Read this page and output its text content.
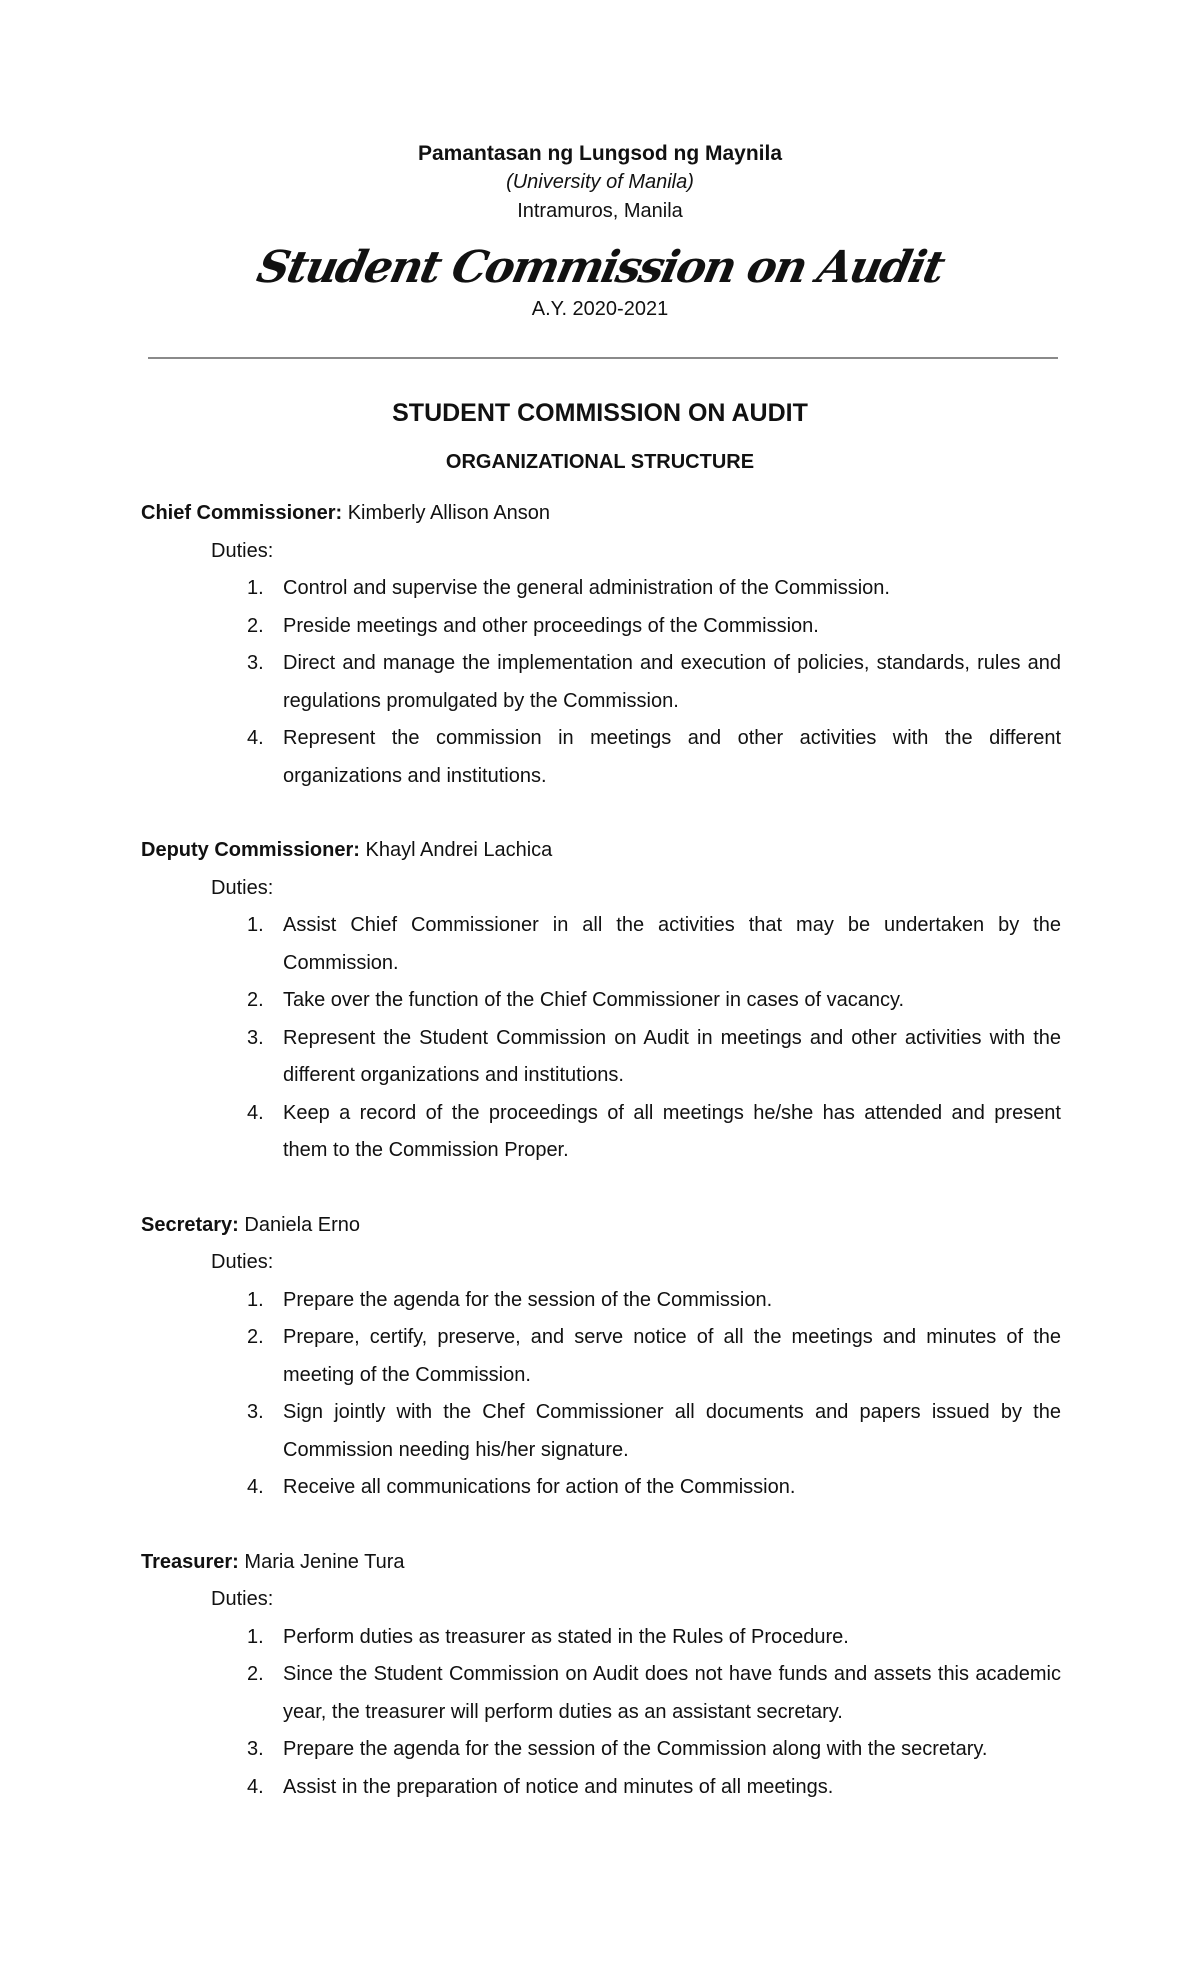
Pamantasan ng Lungsod ng Maynila
(University of Manila)
Intramuros, Manila
Student Commission on Audit
A.Y. 2020-2021
STUDENT COMMISSION ON AUDIT
ORGANIZATIONAL STRUCTURE
Chief Commissioner: Kimberly Allison Anson
Duties:
1. Control and supervise the general administration of the Commission.
2. Preside meetings and other proceedings of the Commission.
3. Direct and manage the implementation and execution of policies, standards, rules and regulations promulgated by the Commission.
4. Represent the commission in meetings and other activities with the different organizations and institutions.
Deputy Commissioner: Khayl Andrei Lachica
Duties:
1. Assist Chief Commissioner in all the activities that may be undertaken by the Commission.
2. Take over the function of the Chief Commissioner in cases of vacancy.
3. Represent the Student Commission on Audit in meetings and other activities with the different organizations and institutions.
4. Keep a record of the proceedings of all meetings he/she has attended and present them to the Commission Proper.
Secretary: Daniela Erno
Duties:
1. Prepare the agenda for the session of the Commission.
2. Prepare, certify, preserve, and serve notice of all the meetings and minutes of the meeting of the Commission.
3. Sign jointly with the Chef Commissioner all documents and papers issued by the Commission needing his/her signature.
4. Receive all communications for action of the Commission.
Treasurer: Maria Jenine Tura
Duties:
1. Perform duties as treasurer as stated in the Rules of Procedure.
2. Since the Student Commission on Audit does not have funds and assets this academic year, the treasurer will perform duties as an assistant secretary.
3. Prepare the agenda for the session of the Commission along with the secretary.
4. Assist in the preparation of notice and minutes of all meetings.
